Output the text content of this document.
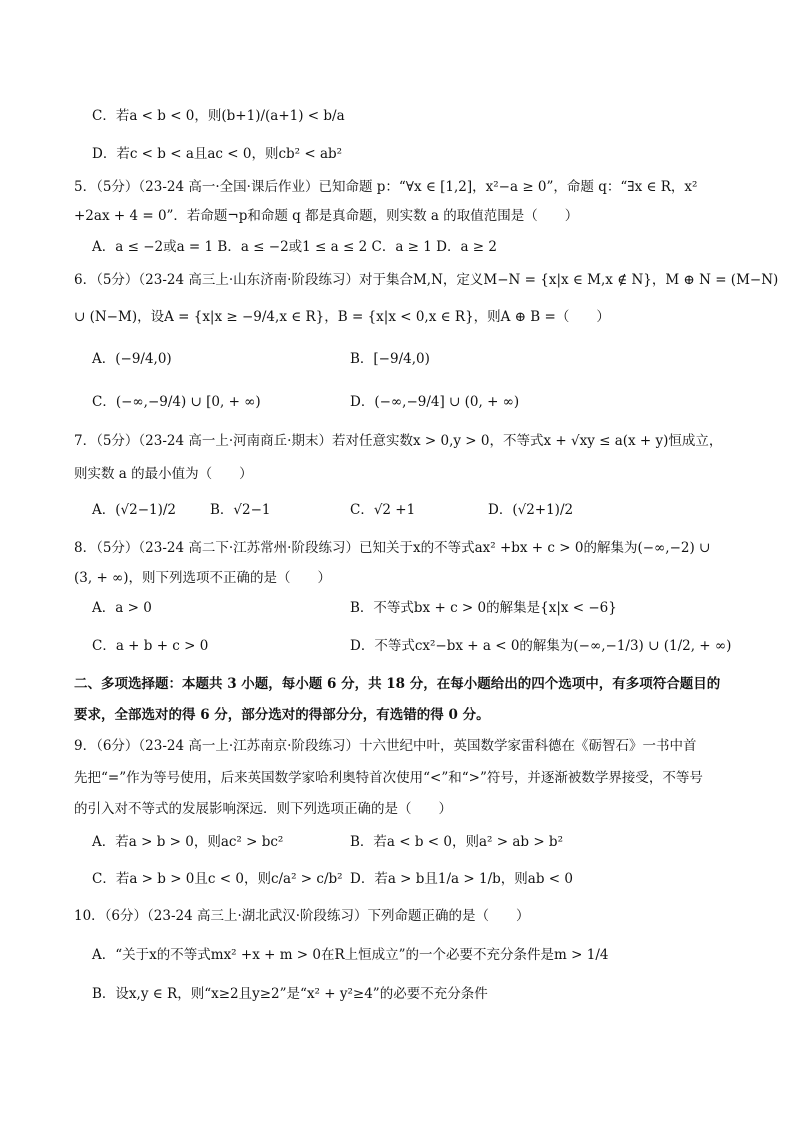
C．若a < b < 0，则(b+1)/(a+1) < b/a
D．若c < b < a且ac < 0，则cb² < ab²
5．（5分）（23-24 高一·全国·课后作业）已知命题 p：“∀x ∈ [1,2]，x²−a ≥ 0”，命题 q：“∃x ∈ R，x²
+2ax + 4 = 0”．若命题¬p和命题 q 都是真命题，则实数 a 的取值范围是（　　）
A．a ≤ −2或a = 1 B．a ≤ −2或1 ≤ a ≤ 2 C．a ≥ 1 D．a ≥ 2
6．（5分）（23-24 高三上·山东济南·阶段练习）对于集合M,N，定义M−N = {x|x ∈ M,x ∉ N}，M ⊕ N = (M−N)
∪ (N−M)，设A = {x|x ≥ −9/4,x ∈ R}，B = {x|x < 0,x ∈ R}，则A ⊕ B =（　　）
A．(−9/4,0)	B．[−9/4,0)
C．(−∞,−9/4) ∪ [0, + ∞)	D．(−∞,−9/4] ∪ (0, + ∞)
7．（5分）（23-24 高一上·河南商丘·期末）若对任意实数x > 0,y > 0，不等式x + √xy ≤ a(x + y)恒成立，
则实数 a 的最小值为（　　）
A．(√2−1)/2	B．√2−1	C．√2 +1	D．(√2+1)/2
8．（5分）（23-24 高二下·江苏常州·阶段练习）已知关于x的不等式ax² +bx + c > 0的解集为(−∞,−2) ∪
(3, + ∞)，则下列选项不正确的是（　　）
A．a > 0	B．不等式bx + c > 0的解集是{x|x < −6}
C．a + b + c > 0	D．不等式cx²−bx + a < 0的解集为(−∞,−1/3) ∪ (1/2, + ∞)
二、多项选择题：本题共 3 小题，每小题 6 分，共 18 分，在每小题给出的四个选项中，有多项符合题目的
要求，全部选对的得 6 分，部分选对的得部分分，有选错的得 0 分。
9．（6分）（23-24 高一上·江苏南京·阶段练习）十六世纪中叶，英国数学家雷科德在《砺智石》一书中首
先把“=”作为等号使用，后来英国数学家哈利奥特首次使用“<”和“>”符号，并逐渐被数学界接受，不等号
的引入对不等式的发展影响深远．则下列选项正确的是（　　）
A．若a > b > 0，则ac² > bc²	B．若a < b < 0，则a² > ab > b²
C．若a > b > 0且c < 0，则c/a² > c/b² D．若a > b且1/a > 1/b，则ab < 0
10．（6分）（23-24 高三上·湖北武汉·阶段练习）下列命题正确的是（　　）
A．“关于x的不等式mx² +x + m > 0在R上恒成立”的一个必要不充分条件是m > 1/4
B．设x,y ∈ R，则“x≥2且y≥2”是“x² + y²≥4”的必要不充分条件
